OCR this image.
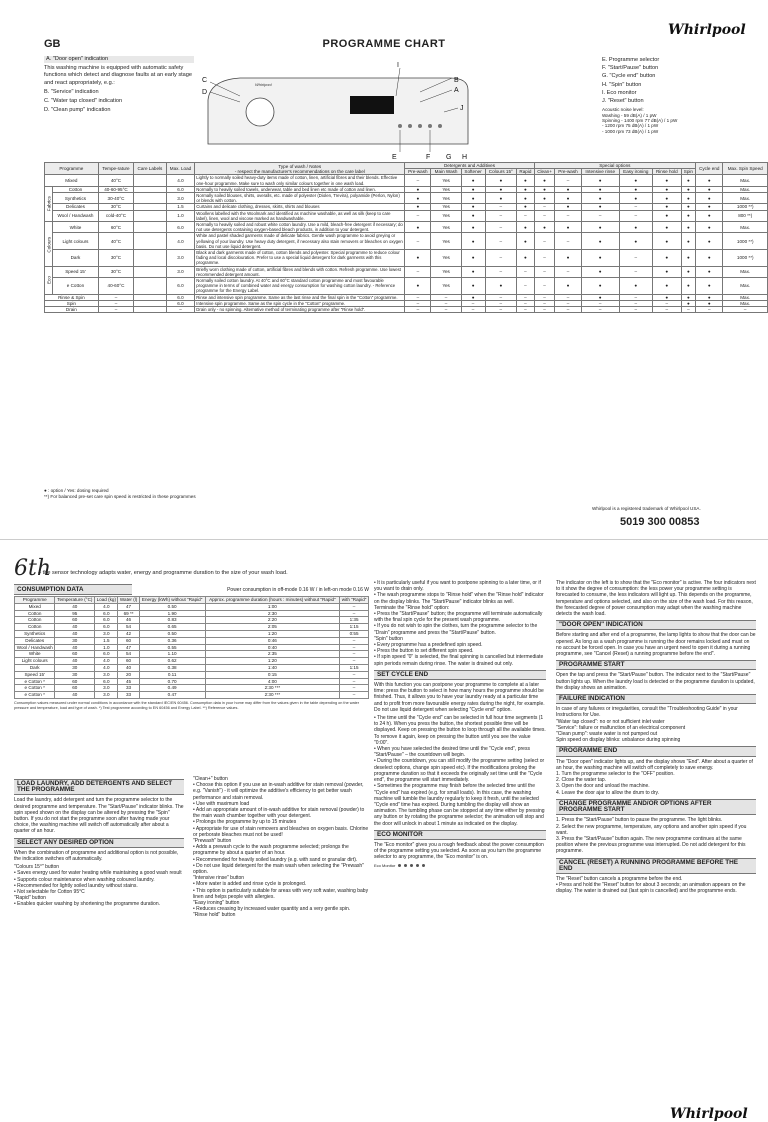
GB	PROGRAMME CHART
Whirlpool

A. "Door open" indication

This washing machine is equipped with automatic safety functions which detect and diagnose faults at an early stage and react appropriately, e.g.:

B. "Service" indication

C. "Water tap closed" indication

D. "Clean pump" indication

Whirlpool
C
D
B
A
I
J
E	F G H
E. Programme selector
F. "Start/Pause" button
G. "Cycle end" button
H. "Spin" button
I. Eco monitor
J. "Reset" button
Acoustic noise level:
Washing - 59 dB(A) / 1 pW
Spinning - 1400 rpm 77 dB(A) / 1 pW
- 1200 rpm 75 dB(A) / 1 pW
- 1000 rpm 73 dB(A) / 1 pW
Programme		Tempe-rature	Care Labels	Max. Load	Type of wash / Notes
- respect the manufacturer's recommendations on the care label	Detergents and Additives					Special options						Cycle end	Max. Spin Speed
						Pre-wash	Main Wash	Softener	Colours 15°	Rapid	Clean+	Pre-wash	Intensive rinse	Easy ironing	Rinse hold	Spin		
Mixed		40°C		4.0	Lightly to normally soiled heavy-duty items made of cotton, linen, artificial fibres and their blends. Effective one-hour programme. Make sure to wash only similar colours together in one wash load.	–	Yes	●	●	●	●	–	●	●	●	●	●	Max.
Fabrics	Cotton	40-60-95°C		6.0	Normally to heavily soiled towels, underwear, table and bed linen etc made of cotton and linen.	●	Yes	●	●	●	●	●	●	●	●	●	●	Max.
	Synthetics	30-40°C		3.0	Normally soiled blouses, shirts, overalls, etc. made of polyester (Diolen, Trevira), polyamide (Perlon, Nylon) or blends with cotton.	●	Yes	●	●	●	●	●	●	●	●	●	●	Max.
	Delicates	30°C		1.5	Curtains and delicate clothing, dresses, skirts, shirts and blouses	●	Yes	●	–	●	–	●	●	–	●	●	●	1000 **)
	Wool / Handwash	cold-40°C		1.0	Woollens labelled with the Woolmark and identified as machine washable, as well as silk (keep to care label), linen, wool and viscose marked as handwashable.	–	Yes	●	–	–	–	–	–	–	●	●	●	800 **)
Colours	White	60°C		6.0	Normally to heavily soiled and robust white cotton laundry. Use a mild, bleach-free detergent if necessary; do not use detergents containing oxygen-based bleach products, in addition to your detergent.	●	Yes	●	–	●	●	●	●	●	●	●	●	Max.
	Light colours	40°C		4.0	White and pastel shaded garments made of delicate fabrics. Gentle wash programme to avoid greying or yellowing of your laundry. Use heavy duty detergent, if necessary also stain removers or bleaches on oxygen basis. Do not use liquid detergent.	–	Yes	●	–	●	–	–	●	●	●	●	●	1000 **)
	Dark	30°C		3.0	Black and dark garments made of cotton, cotton blends and polyester. Special programme to reduce colour fading and local discolouration. Prefer to use a special liquid detergent for dark garments with this programme.	●	Yes	●	–	●	–	●	●	–	●	●	●	1000 **)
Eco	Speed 15'	30°C		3.0	Briefly worn clothing made of cotton, artificial fibres and blends with cotton. Refresh programme. Use lowest recommended detergent amount.	–	Yes	●	–	–	–	–	●	–	●	●	●	Max.
	e Cotton	40-60°C		6.0	Normally soiled cotton laundry. At 40°C and 60°C standard cotton programme and most favourable programme in terms of combined water and energy consumption for washing cotton laundry. - Reference programme for the Energy Label.	●	Yes	●	●	–	–	●	●	●	●	●	●	Max.
Rinse & Spin		–		6.0	Rinse and intensive spin programme. Same as the last rinse and the final spin in the "Cotton" programme.	–	–	●	–	–	–	–	●	–	●	●	●	Max.
Spin		–		6.0	Intensive spin programme. Same as the spin cycle in the "Cotton" programme.	–	–	–	–	–	–	–	–	–	–	●	●	Max.
Drain		–		–	Drain only - no spinning. Alternative method of terminating programme after "Rinse hold".	–	–	–	–	–	–	–	–	–	–	–	–	–
● : option / Yes: dosing required
**) For balanced pre-set care spin speed is restricted in these programmes
Whirlpool is a registered trademark of Whirlpool USA.
5019 300 00853
Whirlpool
6th
– the sensor technology adapts water, energy and programme duration to the size of your wash load.
CONSUMPTION DATA	Power consumption in off-mode 0.16 W / in left-on mode 0.16 W
Programme	Temperature (°C)	Load (kg)	Water (l)	Energy (kWh) without "Rapid"	Approx. programme duration (hours : minutes) without "Rapid"	with "Rapid"
Mixed	40	4.0	47	0.50	1:00	–
Cotton	95	6.0	69 **	1.90	2:30	–
Cotton	60	6.0	46	0.83	2:20	1:35
Cotton	40	6.0	54	0.65	2:05	1:15
Synthetics	40	3.0	42	0.50	1:20	0:55
Delicates	30	1.5	60	0.36	0:46	–
Wool / Handwash	40	1.0	47	0.55	0:40	–
White	60	6.0	54	1.10	2:35	–
Light colours	40	4.0	60	0.62	1:20	–
Dark	30	4.0	40	0.38	1:40	1:15
Speed 15'	30	3.0	20	0.11	0:15	–
e Cotton *	60	6.0	45	0.70	4:00	–
e Cotton *	60	3.0	33	0.49	2:30 ***	–
e Cotton *	40	3.0	33	0.47	2:30 ***	–
Consumption values measured under normal conditions in accordance with the standard IEC/EN 60456. Consumption data in your home may differ from the values given in the table depending on the water pressure and temperature, load and type of wash. *) Test programme according to EN 60456 and Energy Label. **) Reference values.
LOAD LAUNDRY, ADD DETERGENTS AND SELECT THE PROGRAMME

Load the laundry, add detergent and turn the programme selector to the desired programme and temperature. The "Start/Pause" indicator blinks. The spin speed shown on the display can be altered by pressing the "Spin" button. If you do not start the programme soon after having made your choice, the washing machine will switch off automatically after about a quarter of an hour.

SELECT ANY DESIRED OPTION

When the combination of programme and additional option is not possible, the indication switches off automatically.

"Colours 15°" button
• Saves energy used for water heating while maintaining a good wash result
• Supports colour maintenance when washing coloured laundry.
• Recommended for lightly soiled laundry without stains.
• Not selectable for Cotton 95°C
"Rapid" button
• Enables quicker washing by shortening the programme duration.
"Clean+" button
• Choose this option if you use an in-wash additive for stain removal (powder, e.g. "Vanish") - it will optimize the additive's efficiency to get better wash performance and stain removal.
• Use with maximum load
• Add an appropriate amount of in-wash additive for stain removal (powder) to the main wash chamber together with your detergent.
• Prolongs the programme by up to 15 minutes
• Appropriate for use of stain removers and bleaches on oxygen basis. Chlorine or perborate bleaches must not be used!
"Prewash" button
• Adds a prewash cycle to the wash programme selected; prolongs the programme by about a quarter of an hour.
• Recommended for heavily soiled laundry (e.g. with sand or granular dirt).
• Do not use liquid detergent for the main wash when selecting the "Prewash" option.
"Intensive rinse" button
• More water is added and rinse cycle is prolonged.
• This option is particularly suitable for areas with very soft water, washing baby linen and helps people with allergies.
"Easy ironing" button
• Reduces creasing by increased water quantity and a very gentle spin.
"Rinse hold" button
• It is particularly useful if you want to postpone spinning to a later time, or if you want to drain only.
• The wash programme stops to "Rinse hold" when the "Rinse hold" indicator on the display blinks. The "Start/Pause" indicator blinks as well.
Terminate the "Rinse hold" option:
• Press the "Start/Pause" button; the programme will terminate automatically with the final spin cycle for the present wash programme.
• If you do not wish to spin the clothes, turn the programme selector to the "Drain" programme and press the "Start/Pause" button.
"Spin" button
• Every programme has a predefined spin speed.
• Press the button to set different spin speed.
• If spin speed "0" is selected, the final spinning is cancelled but intermediate spin periods remain during rinse. The water is drained out only.
SET CYCLE END

With this function you can postpone your programme to complete at a later time: press the button to select in how many hours the programme should be finished. Thus, it allows you to have your laundry ready at a particular time and to profit from more favourable energy rates during the night, for example. Do not use liquid detergent when selecting "Cycle end" option.

• The time until the "Cycle end" can be selected in full hour time segments (1 to 24 h). When you press the button, the shortest possible time will be displayed. Keep on pressing the button to loop through all the available times. To remove it again, keep on pressing the button until you see the value "0:00".
• When you have selected the desired time until the "Cycle end", press "Start/Pause" – the countdown will begin.
• During the countdown, you can still modify the programme setting (select or deselect options, change spin speed etc). If the modifications prolong the programme duration so that it exceeds the originally set time until the "Cycle end", the programme will start immediately.
• Sometimes the programme may finish before the selected time until the "Cycle end" has expired (e.g. for small loads). In this case, the washing machine will tumble the laundry regularly to keep it fresh, until the selected "Cycle end" time has expired. During tumbling the display will show an animation. The tumbling phase can be stopped at any time either by pressing any button or by rotating the programme selector; the animation will stop and the door will unlock in about 1 minute as indicated on the display.
ECO MONITOR

The "Eco monitor" gives you a rough feedback about the power consumption of the programme setting you selected. As soon as you turn the programme selector to any programme, the "Eco monitor" is on.

Eco Monitor

The indicator on the left is to show that the "Eco monitor" is active. The four indicators next to it show the degree of consumption: the less power your programme setting is forecasted to consume, the less indicators will light up. This depends on the programme, temperature and options selected, and also on the size of the wash load. For this reason, the forecasted degree of power consumption may adapt when the washing machine detects the wash load.

"DOOR OPEN" INDICATION

Before starting and after end of a programme, the lamp lights to show that the door can be opened. As long as a wash programme is running the door remains locked and must on no account be forced open. In case you have an urgent need to open it during a running programme, see "Cancel (Reset) a running programme before the end".

PROGRAMME START

Open the tap and press the "Start/Pause" button. The indicator next to the "Start/Pause" button lights up. When the laundry load is detected or the programme duration is updated, the display shows an animation.

FAILURE INDICATION
In case of any failures or irregularities, consult the "Troubleshooting Guide" in your Instructions for Use.
"Water tap closed": no or not sufficient inlet water
"Service": failure or malfunction of an electrical component
"Clean pump": waste water is not pumped out
Spin speed on display blinks: unbalance during spinning
PROGRAMME END
The "Door open" indicator lights up, and the display shows "End". After about a quarter of an hour, the washing machine will switch off completely to save energy.
1. Turn the programme selector to the "OFF" position.
2. Close the water tap.
3. Open the door and unload the machine.
4. Leave the door ajar to allow the drum to dry.
CHANGE PROGRAMME AND/OR OPTIONS AFTER PROGRAMME START
1. Press the "Start/Pause" button to pause the programme. The light blinks.
2. Select the new programme, temperature, any options and another spin speed if you want.
3. Press the "Start/Pause" button again. The new programme continues at the same position where the previous programme was interrupted. Do not add detergent for this programme.
CANCEL (RESET) A RUNNING PROGRAMME BEFORE THE END
The "Reset" button cancels a programme before the end.
• Press and hold the "Reset" button for about 3 seconds; an animation appears on the display. The water is drained out (last spin is cancelled) and the programme ends.
